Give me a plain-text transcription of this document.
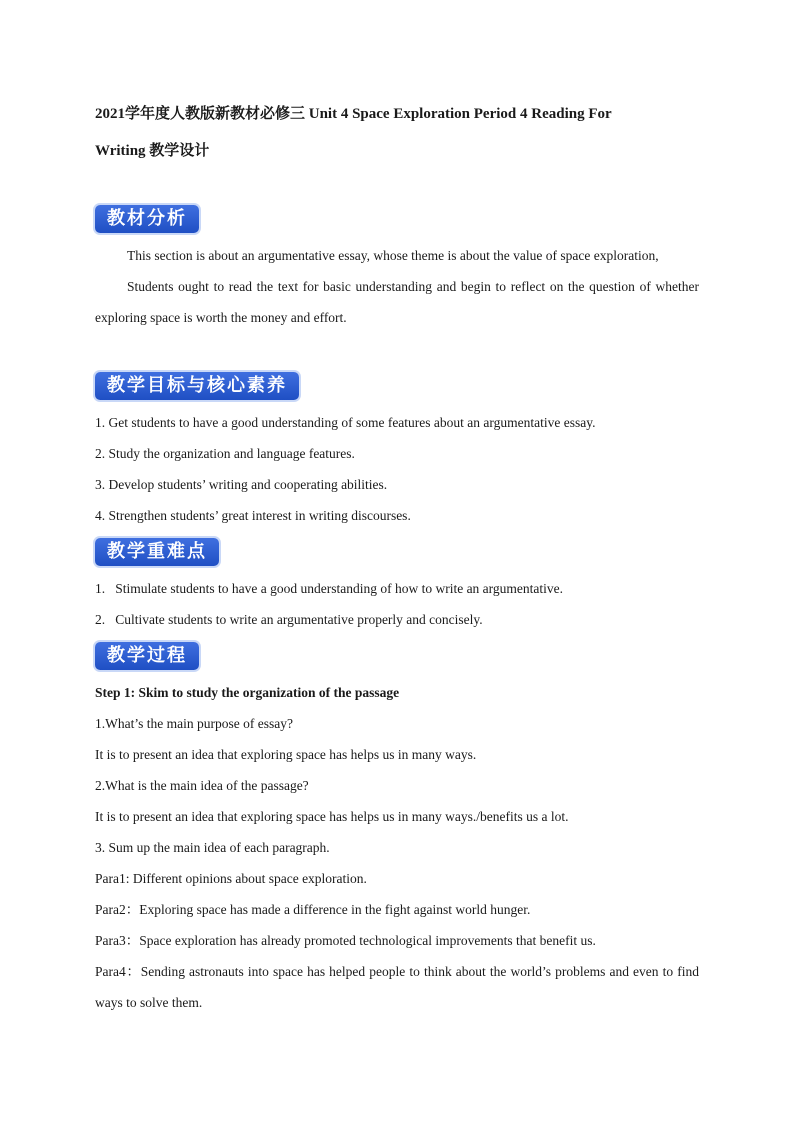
2021学年度人教版新教材必修三 Unit 4 Space Exploration Period 4 Reading For

Writing 教学设计

教材分析

This section is about an argumentative essay, whose theme is about the value of space exploration,

Students ought to read the text for basic understanding and begin to reflect on the question of whether exploring space is worth the money and effort.

教学目标与核心素养

1. Get students to have a good understanding of some features about an argumentative essay.

2. Study the organization and language features.

3. Develop students’ writing and cooperating abilities.

4. Strengthen students’ great interest in writing discourses.

教学重难点

1.   Stimulate students to have a good understanding of how to write an argumentative.

2.   Cultivate students to write an argumentative properly and concisely.

教学过程

Step 1: Skim to study the organization of the passage

1.What’s the main purpose of essay?

It is to present an idea that exploring space has helps us in many ways.

2.What is the main idea of the passage?

It is to present an idea that exploring space has helps us in many ways./benefits us a lot.

3. Sum up the main idea of each paragraph.

Para1: Different opinions about space exploration.

Para2：Exploring space has made a difference in the fight against world hunger.

Para3：Space exploration has already promoted technological improvements that benefit us.

Para4：Sending astronauts into space has helped people to think about the world’s problems and even to find ways to solve them.
